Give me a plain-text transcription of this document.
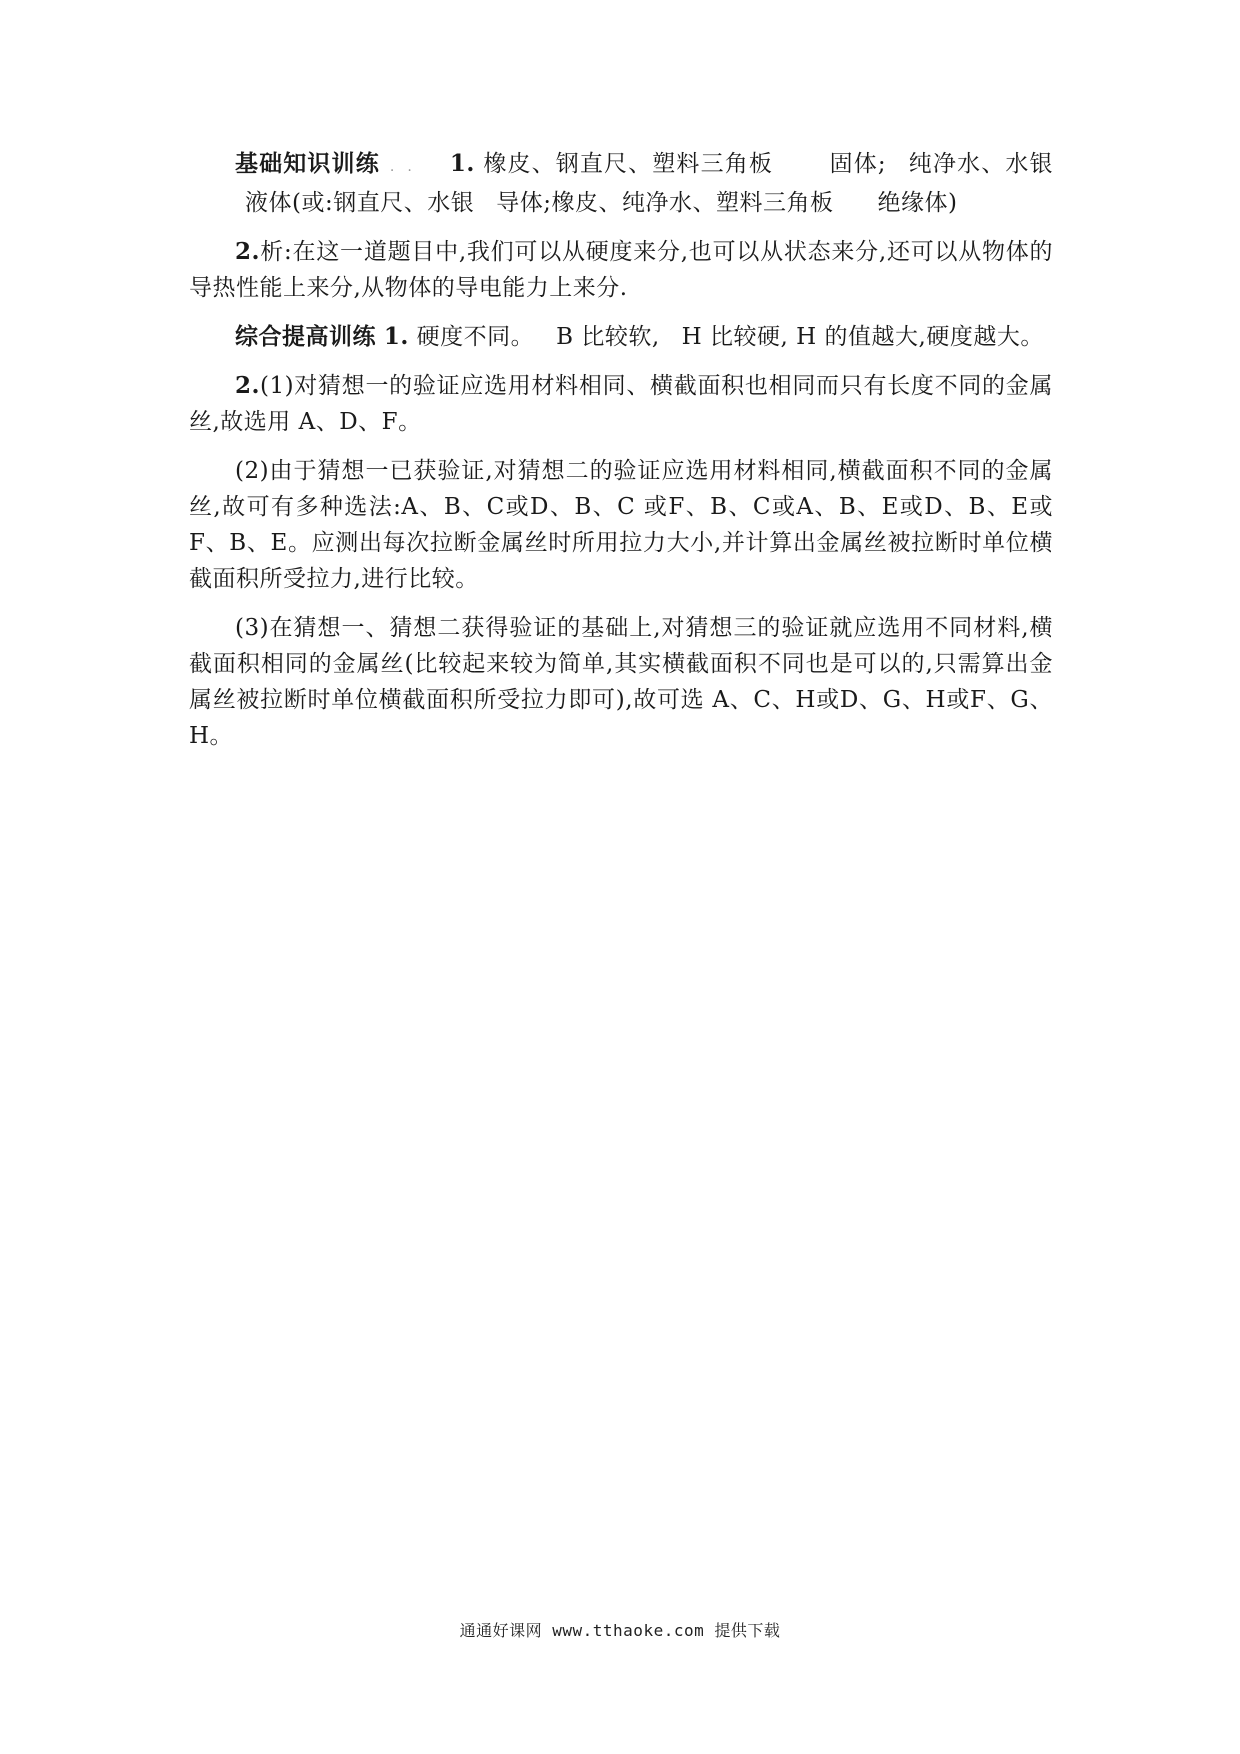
基础知识训练 . . 1. 橡皮、钢直尺、塑料三角板 固体; 纯净水、水银液体(或:钢直尺、水银 导体;橡皮、纯净水、塑料三角板 绝缘体)

2.析:在这一道题目中,我们可以从硬度来分,也可以从状态来分,还可以从物体的导热性能上来分,从物体的导电能力上来分.

综合提高训练 1. 硬度不同。 B 比较软, H 比较硬, H 的值越大,硬度越大。

2.(1)对猜想一的验证应选用材料相同、横截面积也相同而只有长度不同的金属丝,故选用 A、D、F。

(2)由于猜想一已获验证,对猜想二的验证应选用材料相同,横截面积不同的金属丝,故可有多种选法:A、B、C或D、B、C 或F、B、C或A、B、E或D、B、E或F、B、E。应测出每次拉断金属丝时所用拉力大小,并计算出金属丝被拉断时单位横截面积所受拉力,进行比较。

(3)在猜想一、猜想二获得验证的基础上,对猜想三的验证就应选用不同材料,横截面积相同的金属丝(比较起来较为简单,其实横截面积不同也是可以的,只需算出金属丝被拉断时单位横截面积所受拉力即可),故可选 A、C、H或D、G、H或F、G、H。

通通好课网 www.tthaoke.com 提供下载
